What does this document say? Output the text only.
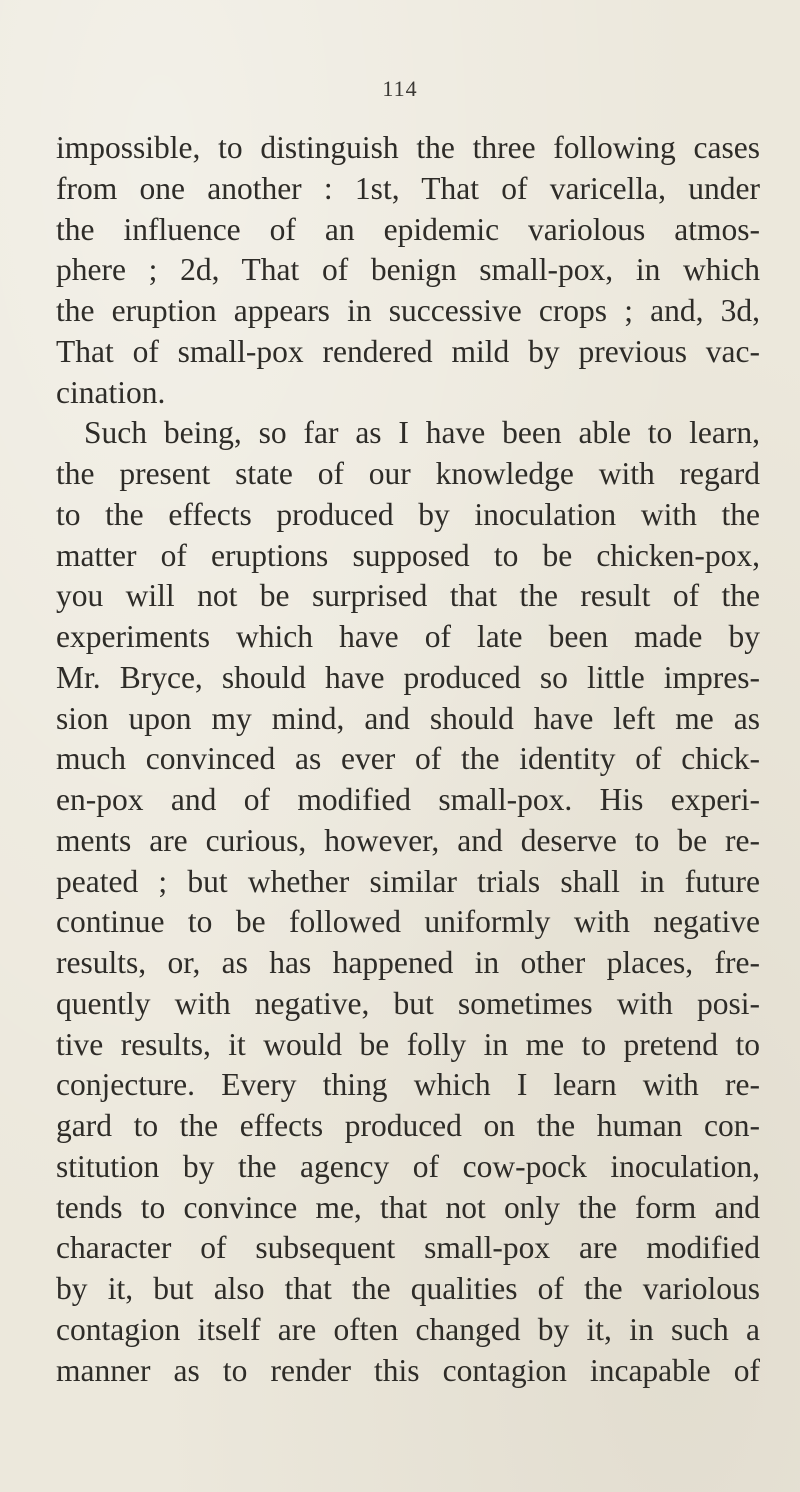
114
impossible, to distinguish the three following cases
from one another : 1st, That of varicella, under
the influence of an epidemic variolous atmos-
phere ; 2d, That of benign small-pox, in which
the eruption appears in successive crops ; and, 3d,
That of small-pox rendered mild by previous vac-
cination.
Such being, so far as I have been able to learn,
the present state of our knowledge with regard
to the effects produced by inoculation with the
matter of eruptions supposed to be chicken-pox,
you will not be surprised that the result of the
experiments which have of late been made by
Mr. Bryce, should have produced so little impres-
sion upon my mind, and should have left me as
much convinced as ever of the identity of chick-
en-pox and of modified small-pox. His experi-
ments are curious, however, and deserve to be re-
peated ; but whether similar trials shall in future
continue to be followed uniformly with negative
results, or, as has happened in other places, fre-
quently with negative, but sometimes with posi-
tive results, it would be folly in me to pretend to
conjecture. Every thing which I learn with re-
gard to the effects produced on the human con-
stitution by the agency of cow-pock inoculation,
tends to convince me, that not only the form and
character of subsequent small-pox are modified
by it, but also that the qualities of the variolous
contagion itself are often changed by it, in such a
manner as to render this contagion incapable of
